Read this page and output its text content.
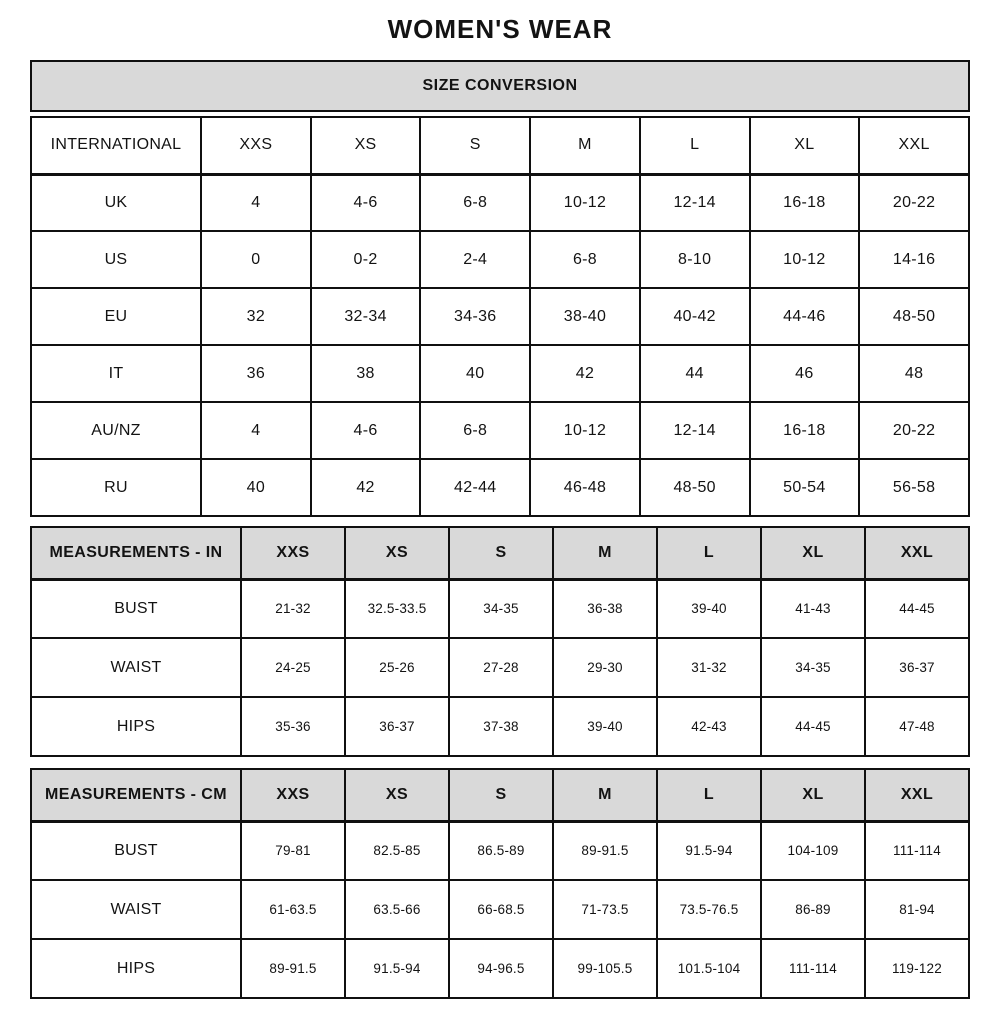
WOMEN'S WEAR
SIZE CONVERSION
INTERNATIONAL	XXS	XS	S	M	L	XL	XXL
UK	4	4-6	6-8	10-12	12-14	16-18	20-22
US	0	0-2	2-4	6-8	8-10	10-12	14-16
EU	32	32-34	34-36	38-40	40-42	44-46	48-50
IT	36	38	40	42	44	46	48
AU/NZ	4	4-6	6-8	10-12	12-14	16-18	20-22
RU	40	42	42-44	46-48	48-50	50-54	56-58
MEASUREMENTS - IN	XXS	XS	S	M	L	XL	XXL
BUST	21-32	32.5-33.5	34-35	36-38	39-40	41-43	44-45
WAIST	24-25	25-26	27-28	29-30	31-32	34-35	36-37
HIPS	35-36	36-37	37-38	39-40	42-43	44-45	47-48
MEASUREMENTS - CM	XXS	XS	S	M	L	XL	XXL
BUST	79-81	82.5-85	86.5-89	89-91.5	91.5-94	104-109	111-114
WAIST	61-63.5	63.5-66	66-68.5	71-73.5	73.5-76.5	86-89	81-94
HIPS	89-91.5	91.5-94	94-96.5	99-105.5	101.5-104	111-114	119-122
